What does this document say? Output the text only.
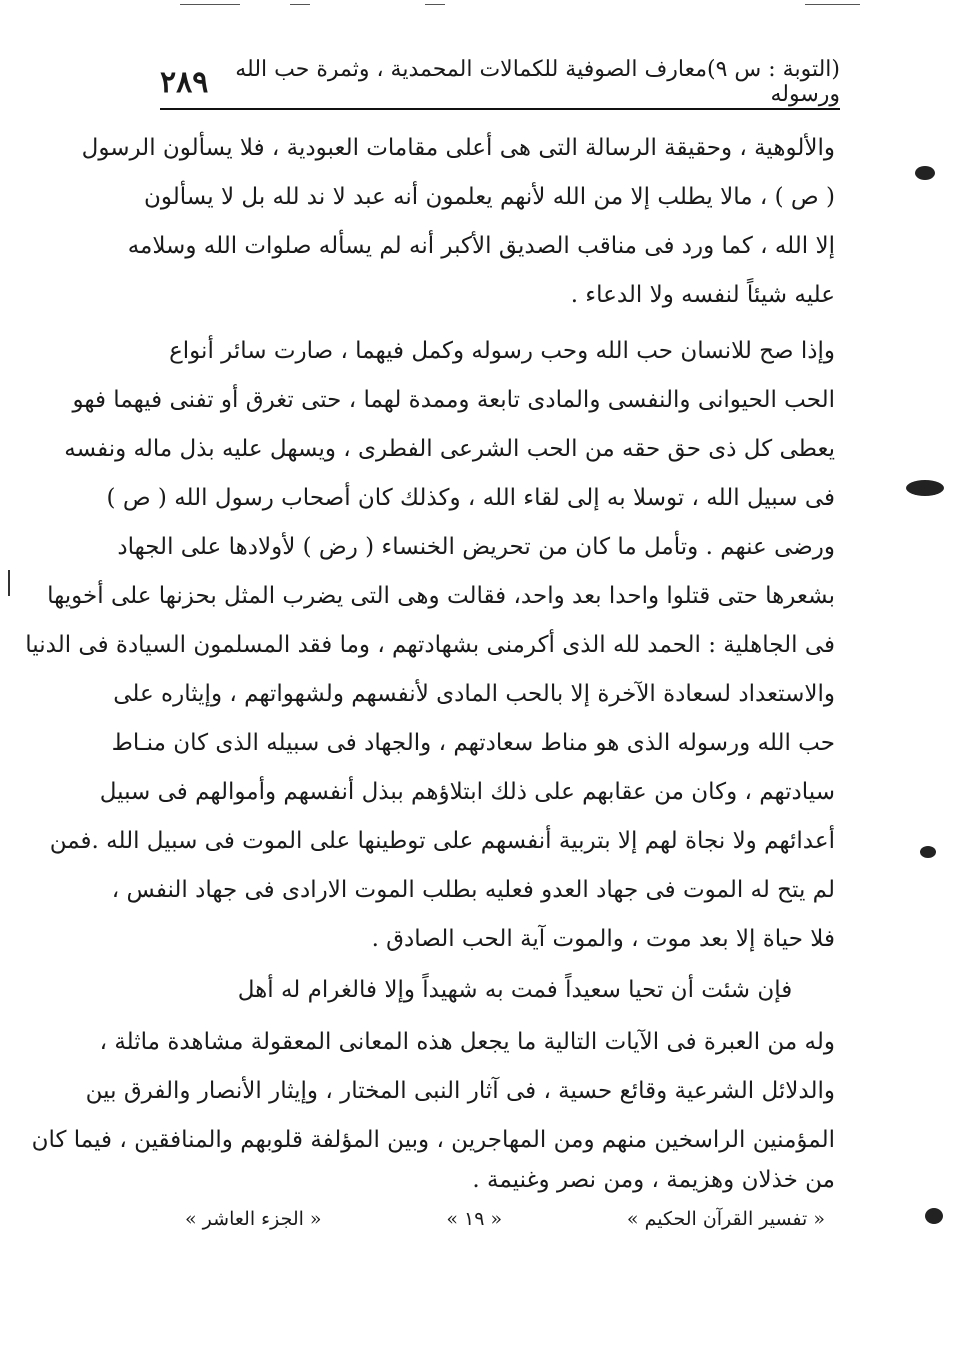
(التوبة : س ٩)معارف الصوفية للكمالات المحمدية ، وثمرة حب الله ورسوله
٢٨٩
والألوهية ، وحقيقة الرسالة التى هى أعلى مقامات العبودية ، فلا يسألون الرسول
( ص ) ، مالا يطلب إلا من الله لأنهم يعلمون أنه عبد لا ند لله بل لا يسألون
إلا الله ، كما ورد فى مناقب الصديق الأكبر أنه لم يسأله صلوات الله وسلامه
عليه شيئاً لنفسه ولا الدعاء .
وإذا صح للانسان حب الله وحب رسوله وكمل فيهما ، صارت سائر أنواع
الحب الحيوانى والنفسى والمادى تابعة وممدة لهما ، حتى تغرق أو تفنى فيهما فهو
يعطى كل ذى حق حقه من الحب الشرعى الفطرى ، ويسهل عليه بذل ماله ونفسه
فى سبيل الله ، توسلا به إلى لقاء الله ، وكذلك كان أصحاب رسول الله ( ص )
ورضى عنهم . وتأمل ما كان من تحريض الخنساء ( رض ) لأولادها على الجهاد
بشعرها حتى قتلوا واحدا بعد واحد، فقالت وهى التى يضرب المثل بحزنها على أخويها
فى الجاهلية : الحمد لله الذى أكرمنى بشهادتهم ، وما فقد المسلمون السيادة فى الدنيا
والاستعداد لسعادة الآخرة إلا بالحب المادى لأنفسهم ولشهواتهم ، وإيثاره على
حب الله ورسوله الذى هو مناط سعادتهم ، والجهاد فى سبيله الذى كان منـاط
سيادتهم ، وكان من عقابهم على ذلك ابتلاؤهم ببذل أنفسهم وأموالهم فى سبيل
أعدائهم ولا نجاة لهم إلا بتربية أنفسهم على توطينها على الموت فى سبيل الله .فمن
لم يتح له الموت فى جهاد العدو فعليه بطلب الموت الارادى فى جهاد النفس ،
فلا حياة إلا بعد موت ، والموت آية الحب الصادق .
فإن شئت أن تحيا سعيداً فمت به شهيداً وإلا فالغرام له أهل
وله من العبرة فى الآيات التالية ما يجعل هذه المعانى المعقولة مشاهدة ماثلة ،
والدلائل الشرعية وقائع حسية ، فى آثار النبى المختار ، وإيثار الأنصار والفرق بين
المؤمنين الراسخين منهم ومن المهاجرين ، وبين المؤلفة قلوبهم والمنافقين ، فيما كان
من خذلان وهزيمة ، ومن نصر وغنيمة .
« تفسير القرآن الحكيم »
« ١٩ »
« الجزء العاشر »
